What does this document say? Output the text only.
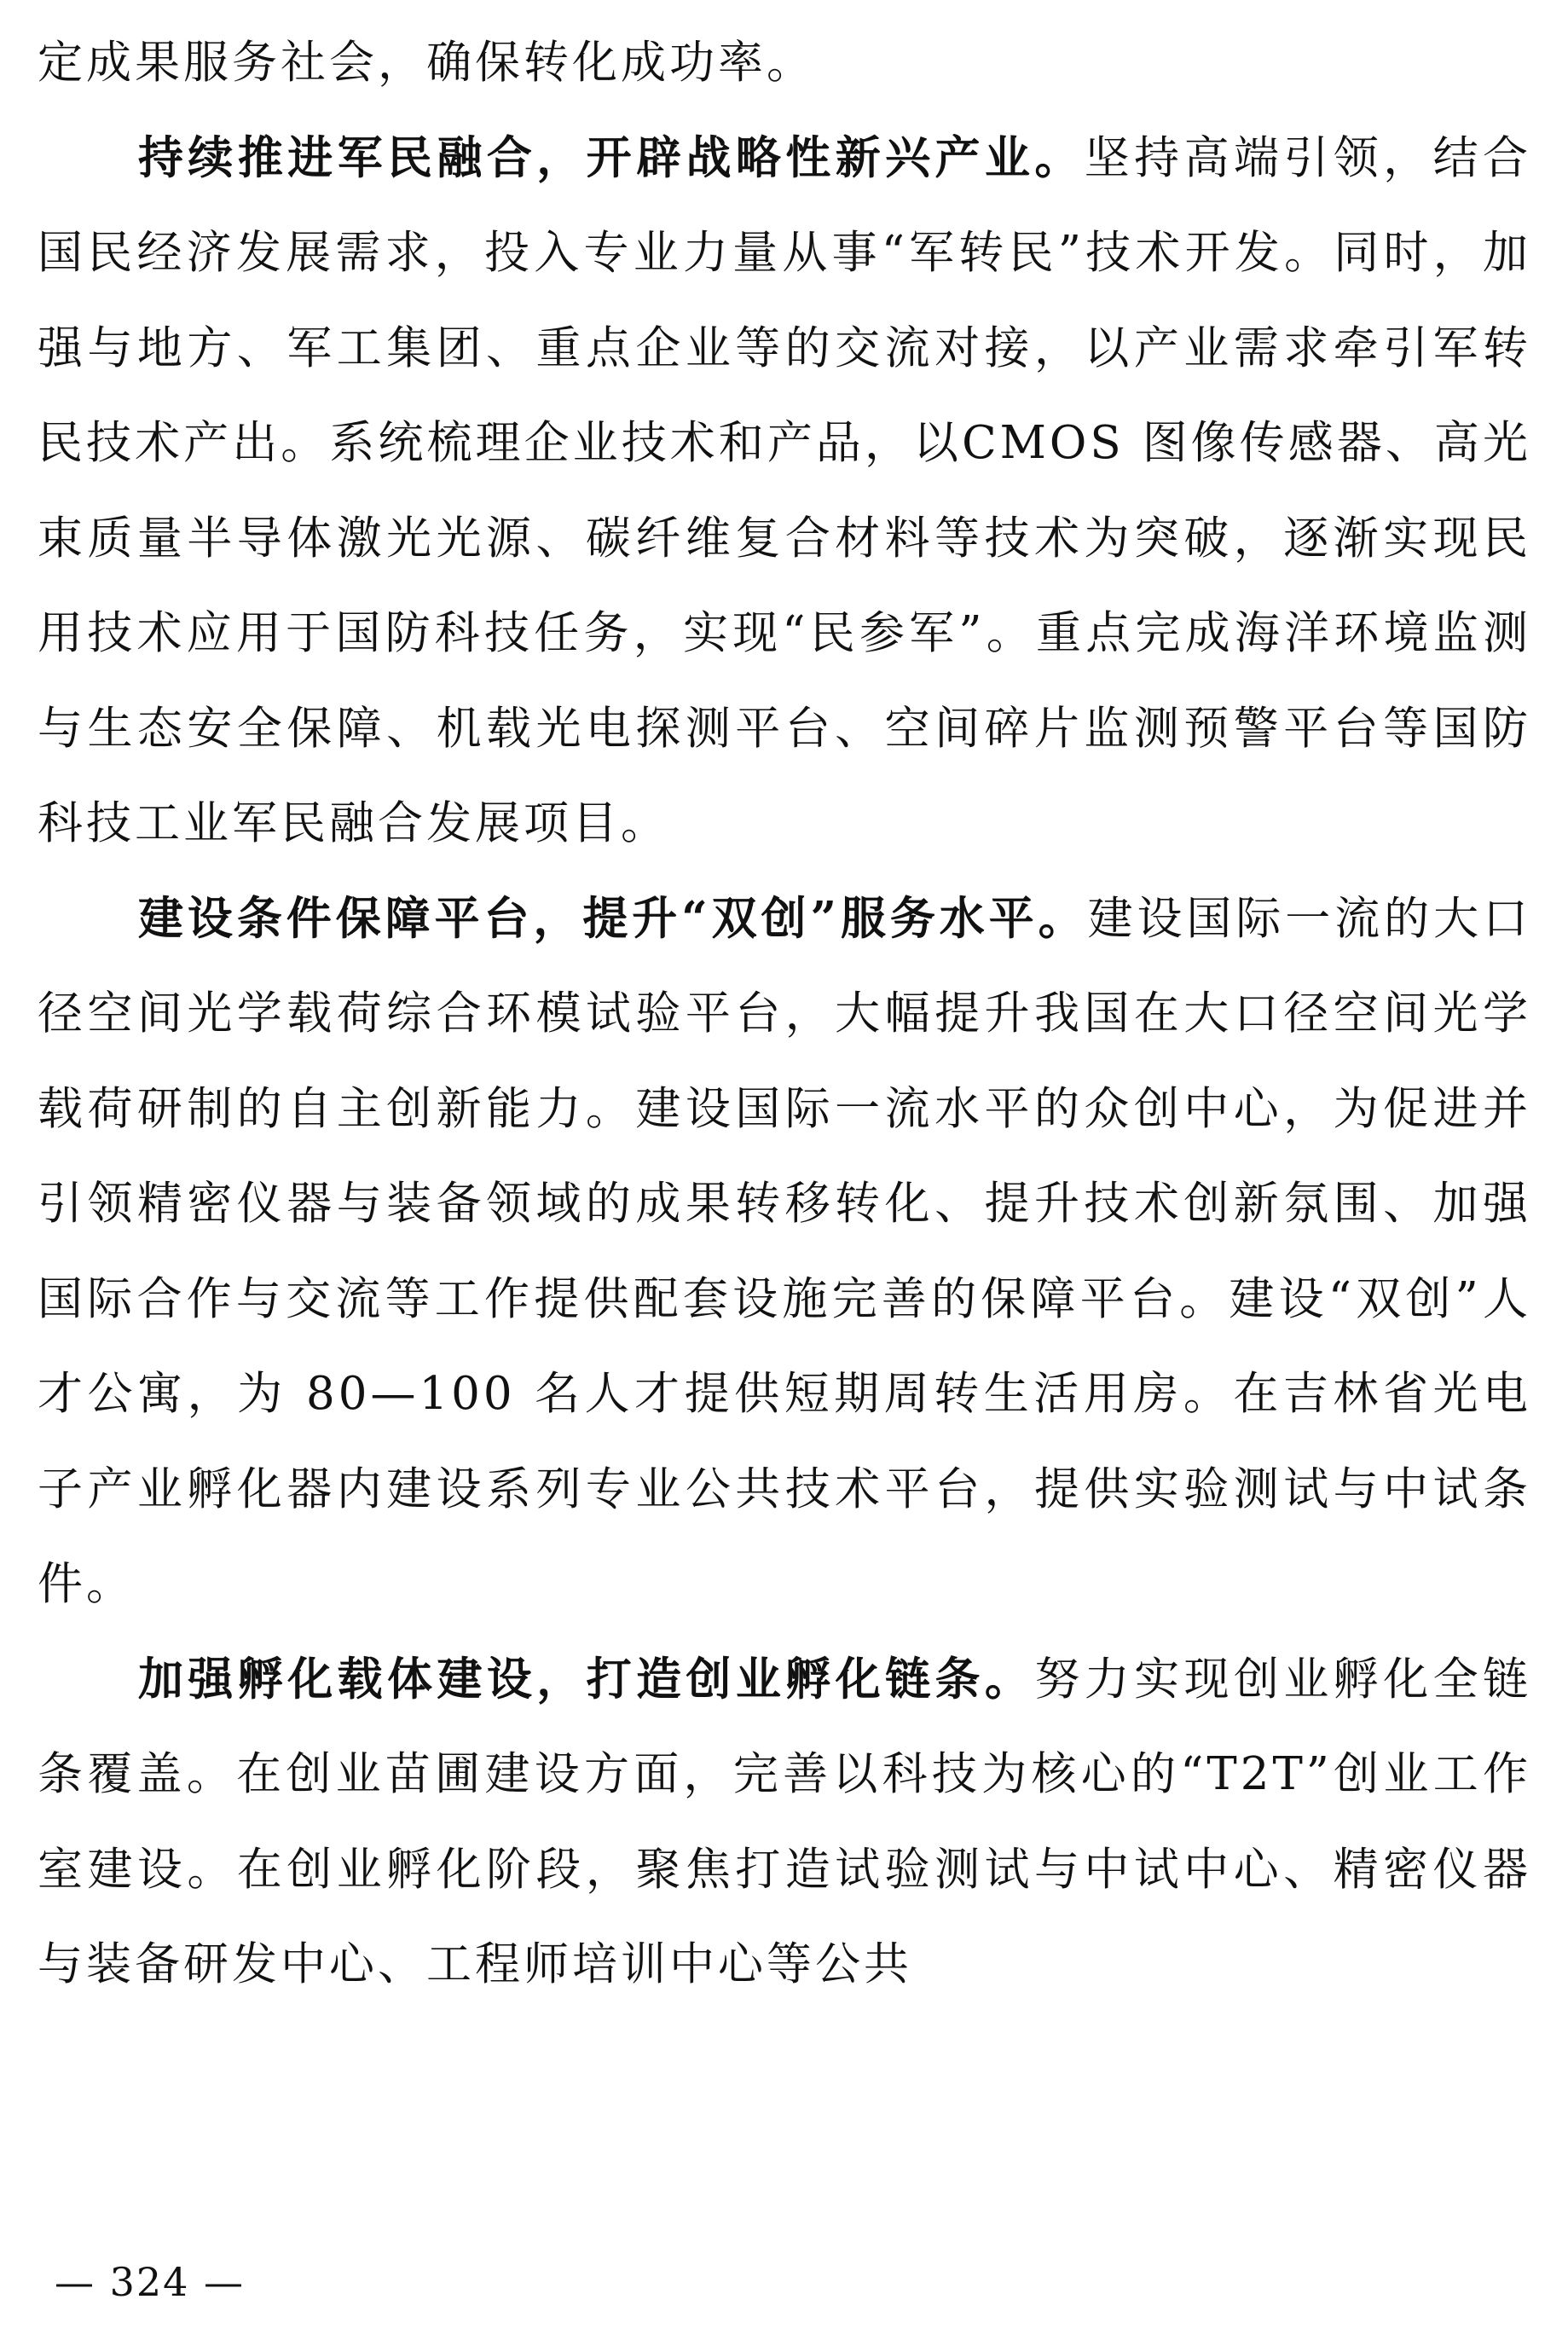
定成果服务社会，确保转化成功率。

持续推进军民融合，开辟战略性新兴产业。坚持高端引领，结合国民经济发展需求，投入专业力量从事“军转民”技术开发。同时，加强与地方、军工集团、重点企业等的交流对接，以产业需求牵引军转民技术产出。系统梳理企业技术和产品，以CMOS 图像传感器、高光束质量半导体激光光源、碳纤维复合材料等技术为突破，逐渐实现民用技术应用于国防科技任务，实现“民参军”。重点完成海洋环境监测与生态安全保障、机载光电探测平台、空间碎片监测预警平台等国防科技工业军民融合发展项目。

建设条件保障平台，提升“双创”服务水平。建设国际一流的大口径空间光学载荷综合环模试验平台，大幅提升我国在大口径空间光学载荷研制的自主创新能力。建设国际一流水平的众创中心，为促进并引领精密仪器与装备领域的成果转移转化、提升技术创新氛围、加强国际合作与交流等工作提供配套设施完善的保障平台。建设“双创”人才公寓，为 80—100 名人才提供短期周转生活用房。在吉林省光电子产业孵化器内建设系列专业公共技术平台，提供实验测试与中试条件。

加强孵化载体建设，打造创业孵化链条。努力实现创业孵化全链条覆盖。在创业苗圃建设方面，完善以科技为核心的“T2T”创业工作室建设。在创业孵化阶段，聚焦打造试验测试与中试中心、精密仪器与装备研发中心、工程师培训中心等公共

— 324 —
